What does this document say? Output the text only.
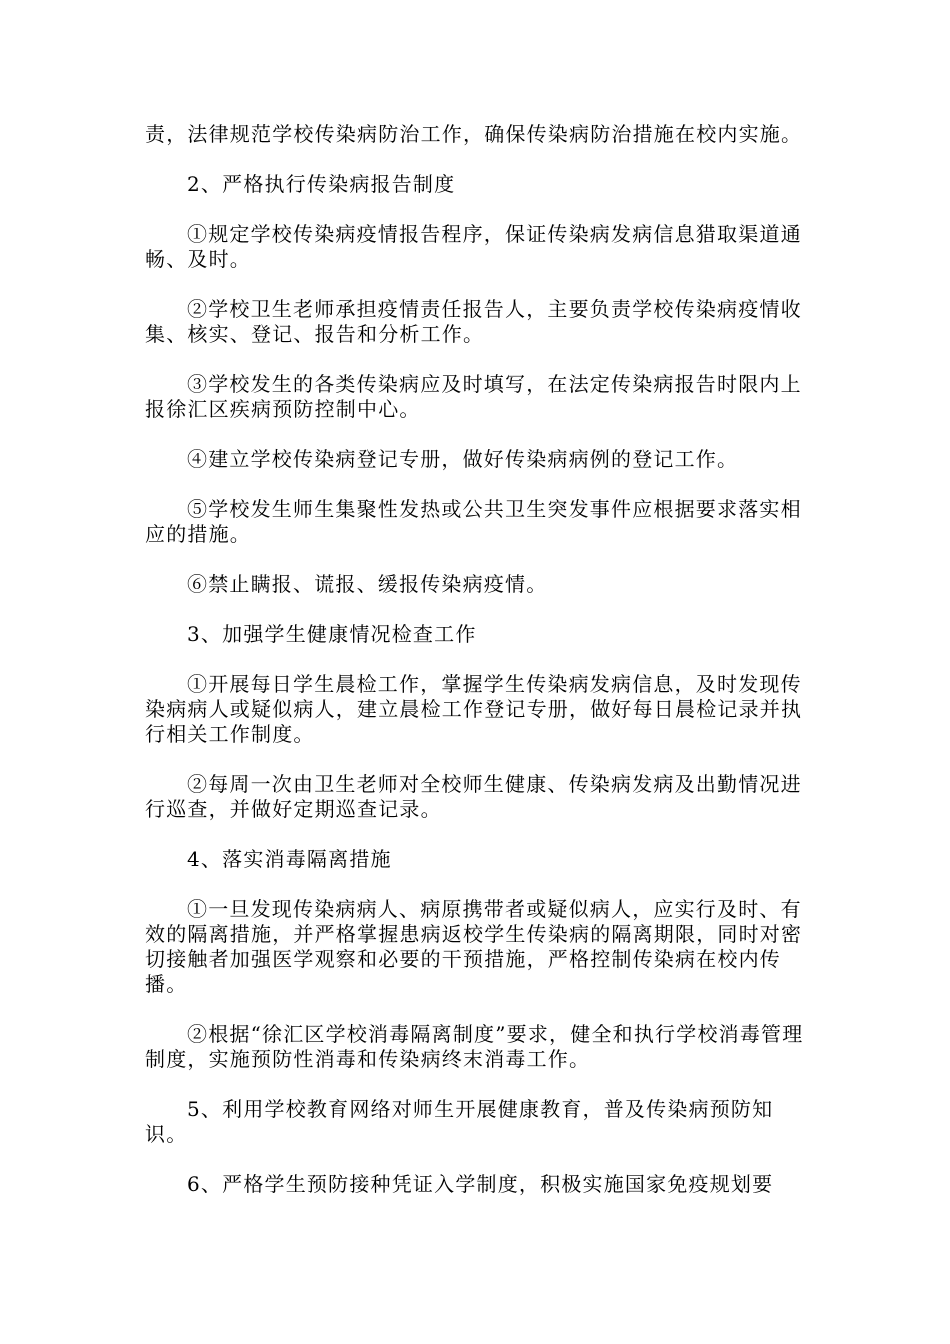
责，法律规范学校传染病防治工作，确保传染病防治措施在校内实施。

2、严格执行传染病报告制度

①规定学校传染病疫情报告程序，保证传染病发病信息猎取渠道通畅、及时。

②学校卫生老师承担疫情责任报告人，主要负责学校传染病疫情收集、核实、登记、报告和分析工作。

③学校发生的各类传染病应及时填写，在法定传染病报告时限内上报徐汇区疾病预防控制中心。

④建立学校传染病登记专册，做好传染病病例的登记工作。

⑤学校发生师生集聚性发热或公共卫生突发事件应根据要求落实相应的措施。

⑥禁止瞒报、谎报、缓报传染病疫情。

3、加强学生健康情况检查工作

①开展每日学生晨检工作，掌握学生传染病发病信息，及时发现传染病病人或疑似病人，建立晨检工作登记专册，做好每日晨检记录并执行相关工作制度。

②每周一次由卫生老师对全校师生健康、传染病发病及出勤情况进行巡查，并做好定期巡查记录。

4、落实消毒隔离措施

①一旦发现传染病病人、病原携带者或疑似病人，应实行及时、有效的隔离措施，并严格掌握患病返校学生传染病的隔离期限，同时对密切接触者加强医学观察和必要的干预措施，严格控制传染病在校内传播。

②根据“徐汇区学校消毒隔离制度”要求，健全和执行学校消毒管理制度，实施预防性消毒和传染病终末消毒工作。

5、利用学校教育网络对师生开展健康教育，普及传染病预防知识。

6、严格学生预防接种凭证入学制度，积极实施国家免疫规划要
